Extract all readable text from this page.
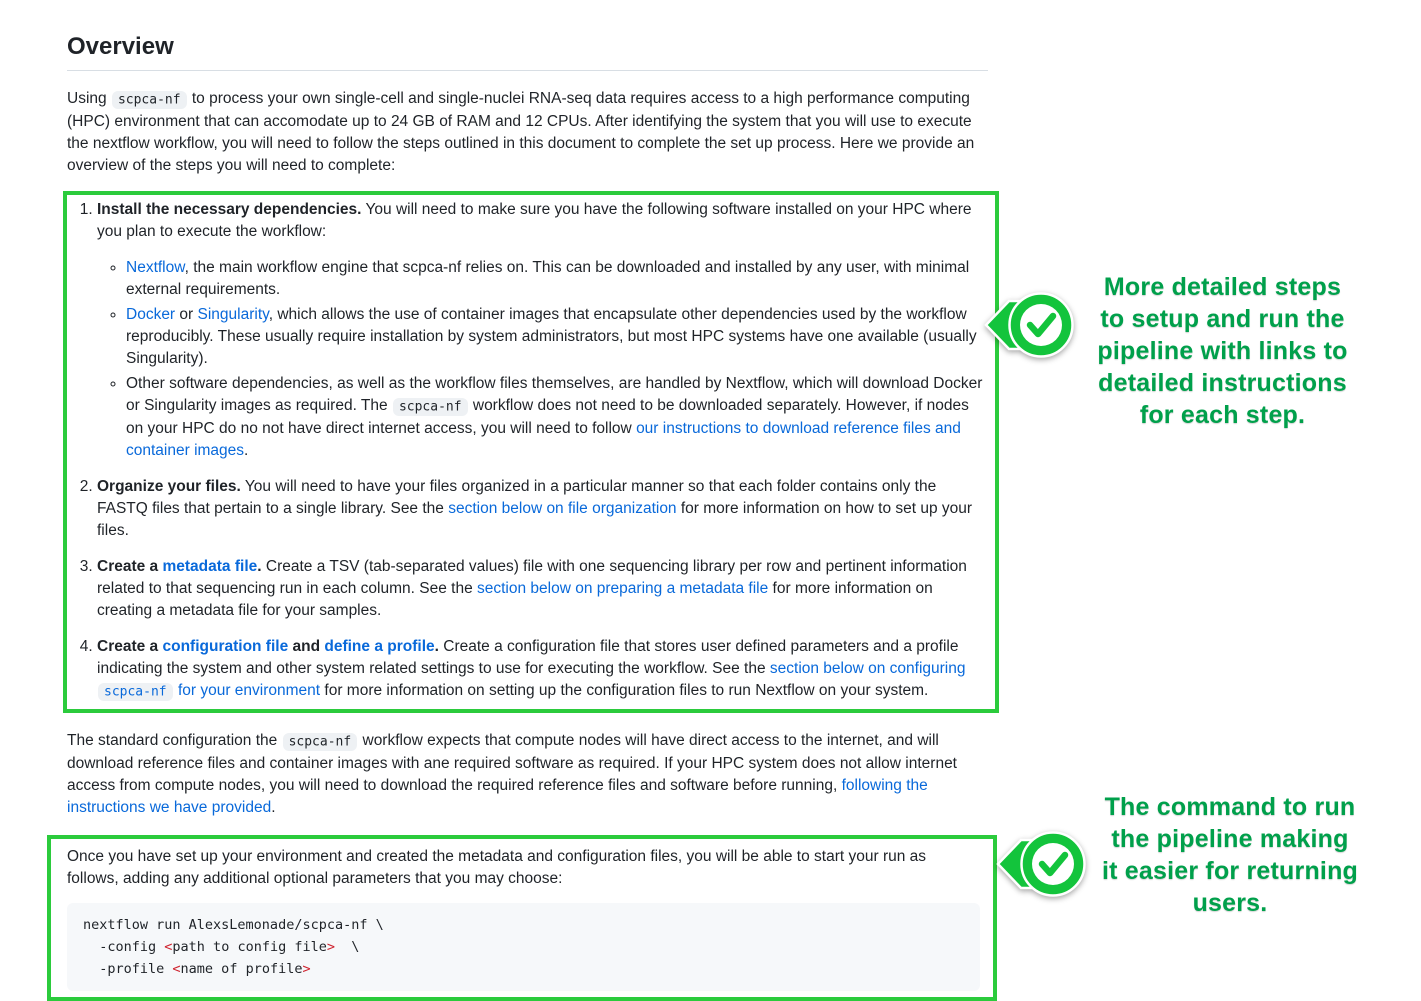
Overview

Using scpca-nf to process your own single-cell and single-nuclei RNA-seq data requires access to a high performance computing (HPC) environment that can accomodate up to 24 GB of RAM and 12 CPUs. After identifying the system that you will use to execute the nextflow workflow, you will need to follow the steps outlined in this document to complete the set up process. Here we provide an overview of the steps you will need to complete:

1. Install the necessary dependencies. You will need to make sure you have the following software installed on your HPC where you plan to execute the workflow:

◦ Nextflow, the main workflow engine that scpca-nf relies on. This can be downloaded and installed by any user, with minimal external requirements.
◦ Docker or Singularity, which allows the use of container images that encapsulate other dependencies used by the workflow reproducibly. These usually require installation by system administrators, but most HPC systems have one available (usually Singularity).
◦ Other software dependencies, as well as the workflow files themselves, are handled by Nextflow, which will download Docker or Singularity images as required. The scpca-nf workflow does not need to be downloaded separately. However, if nodes on your HPC do no not have direct internet access, you will need to follow our instructions to download reference files and container images.

2. Organize your files. You will need to have your files organized in a particular manner so that each folder contains only the FASTQ files that pertain to a single library. See the section below on file organization for more information on how to set up your files.

3. Create a metadata file. Create a TSV (tab-separated values) file with one sequencing library per row and pertinent information related to that sequencing run in each column. See the section below on preparing a metadata file for more information on creating a metadata file for your samples.

4. Create a configuration file and define a profile. Create a configuration file that stores user defined parameters and a profile indicating the system and other system related settings to use for executing the workflow. See the section below on configuring scpca-nf for your environment for more information on setting up the configuration files to run Nextflow on your system.

The standard configuration the scpca-nf workflow expects that compute nodes will have direct access to the internet, and will download reference files and container images with ane required software as required. If your HPC system does not allow internet access from compute nodes, you will need to download the required reference files and software before running, following the instructions we have provided.

Once you have set up your environment and created the metadata and configuration files, you will be able to start your run as follows, adding any additional optional parameters that you may choose:

nextflow run AlexsLemonade/scpca-nf \
-config <path to config file>  \
-profile <name of profile>
More detailed steps
to setup and run the
pipeline with links to
detailed instructions
for each step.
The command to run
the pipeline making
it easier for returning
users.
